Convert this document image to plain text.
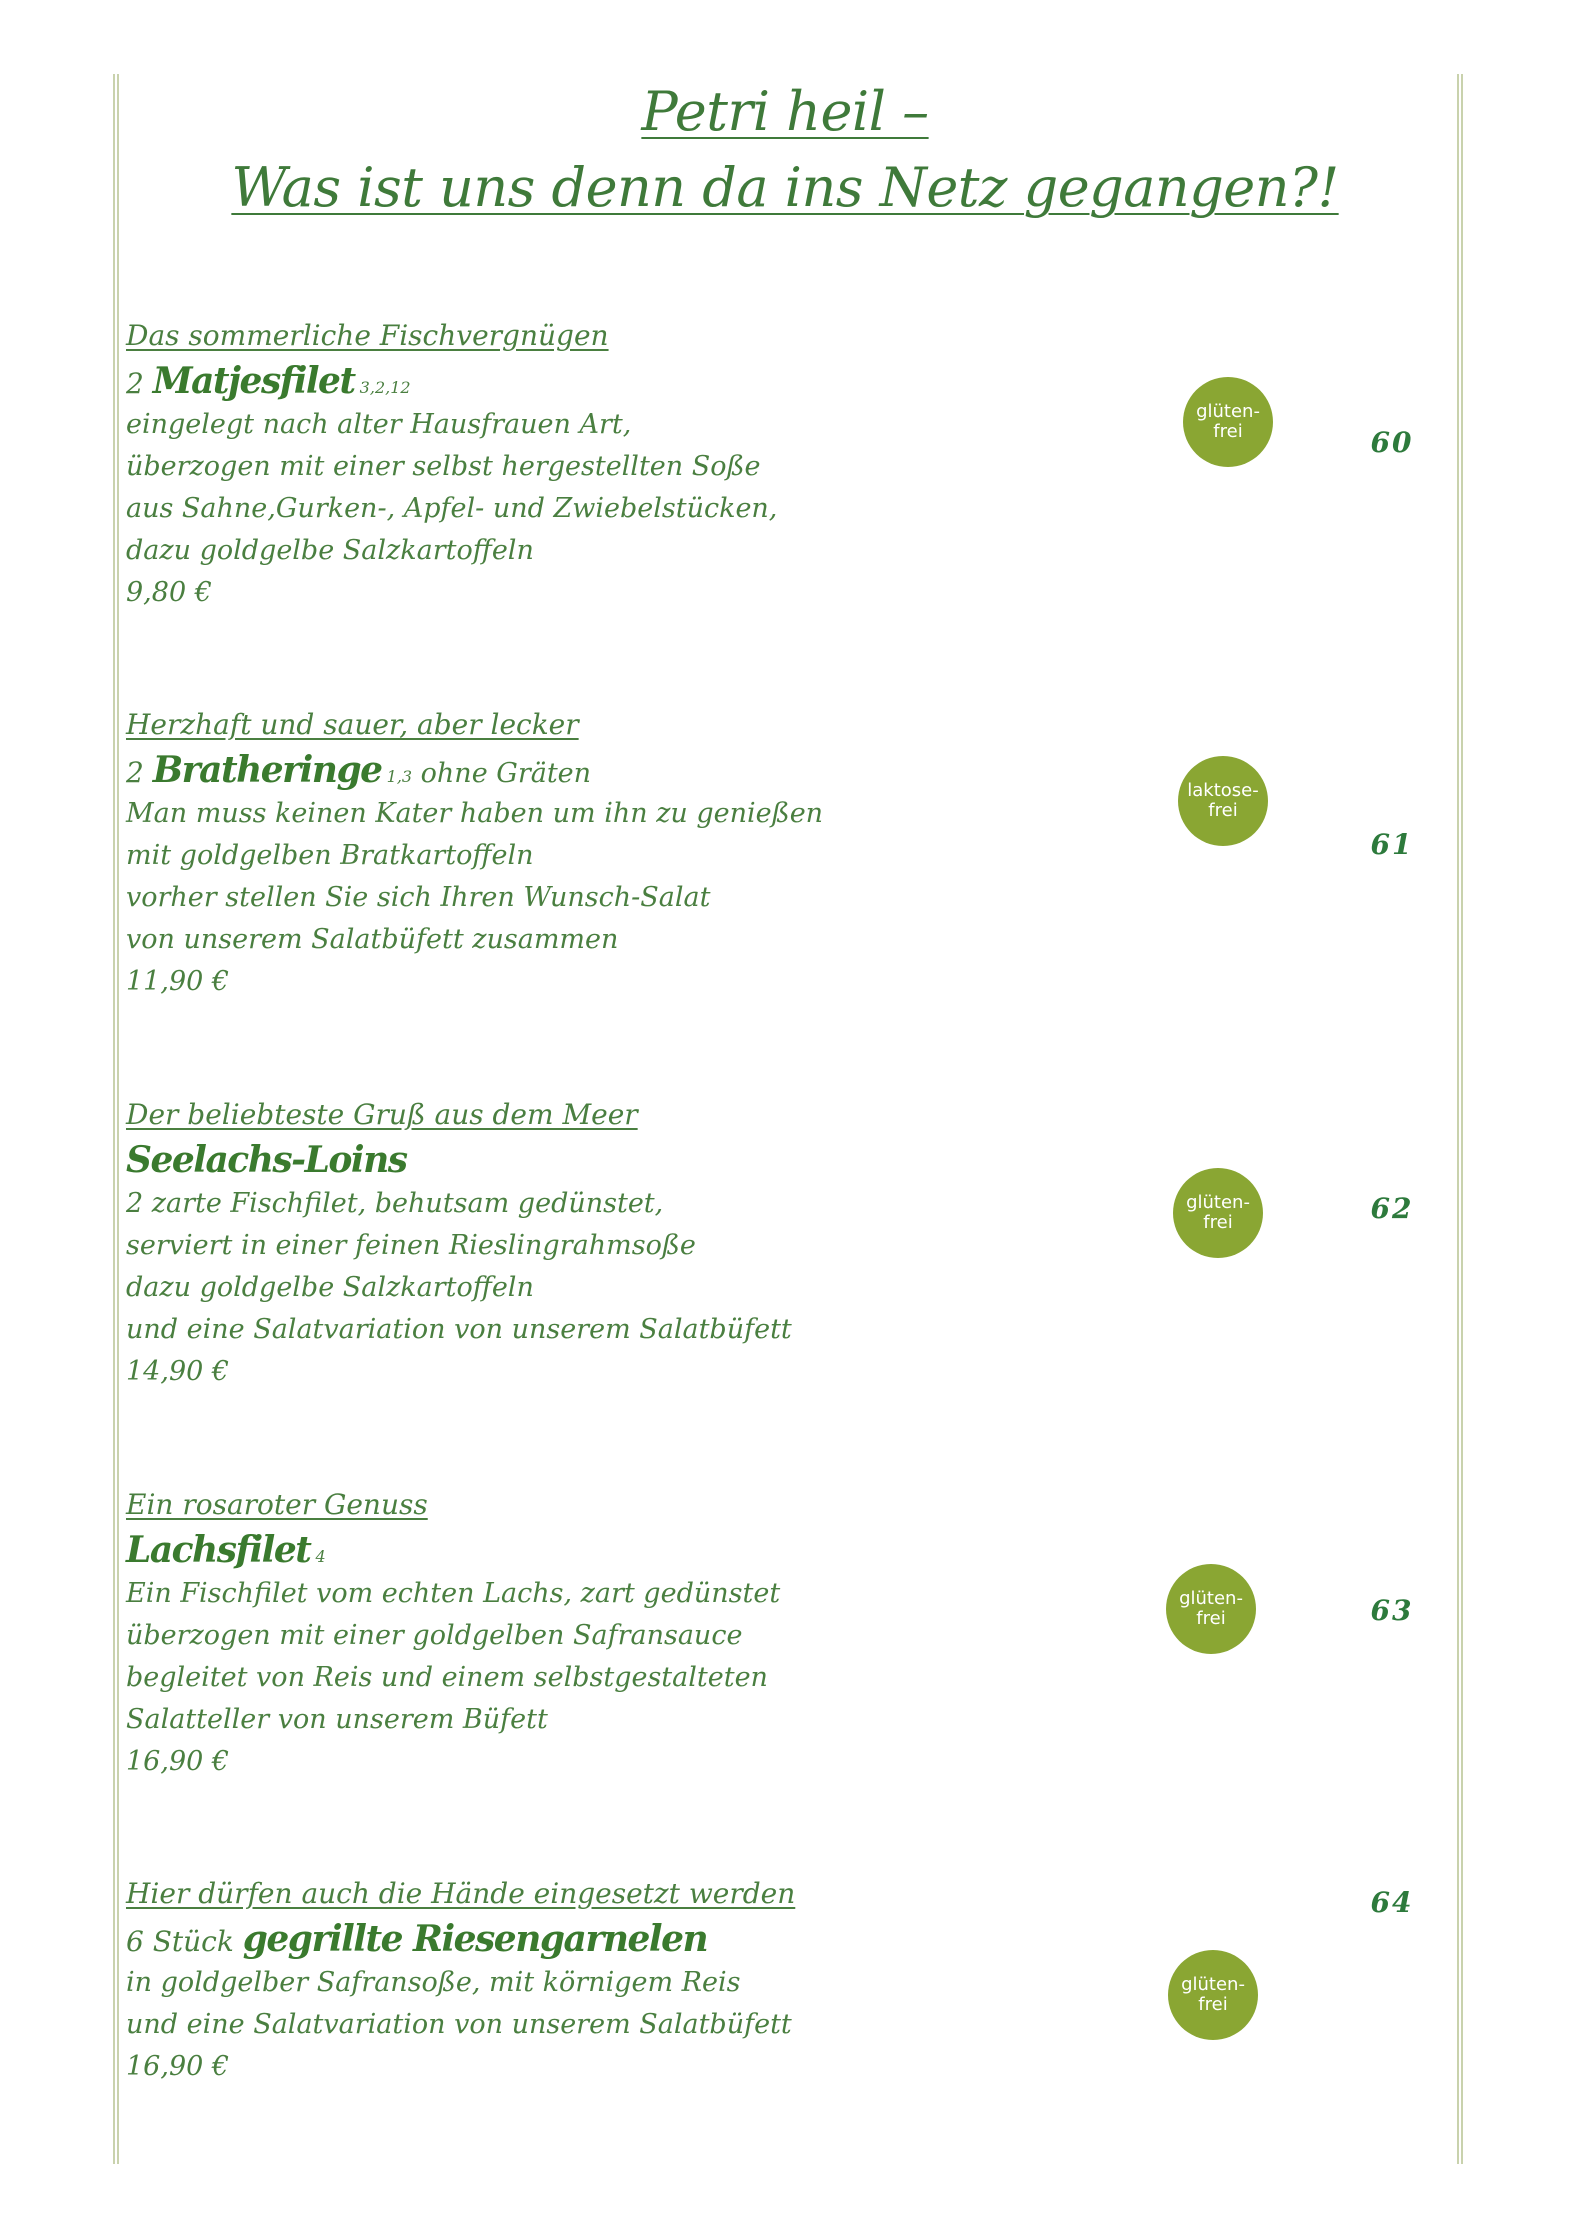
Petri heil –
Was ist uns denn da ins Netz gegangen?!
Das sommerliche Fischvergnügen
2 Matjesfilet 3,2,12
eingelegt nach alter Hausfrauen Art,
überzogen mit einer selbst hergestellten Soße
aus Sahne,Gurken-, Apfel- und Zwiebelstücken,
dazu goldgelbe Salzkartoffeln
9,80 €
glüten-
frei	60
Herzhaft und sauer, aber lecker
2 Bratheringe 1,3 ohne Gräten
Man muss keinen Kater haben um ihn zu genießen
mit goldgelben Bratkartoffeln
vorher stellen Sie sich Ihren Wunsch-Salat
von unserem Salatbüfett zusammen
11,90 €
laktose-
frei
61
Der beliebteste Gruß aus dem Meer
Seelachs-Loins
2 zarte Fischfilet, behutsam gedünstet,
serviert in einer feinen Rieslingrahmsoße
dazu goldgelbe Salzkartoffeln
und eine Salatvariation von unserem Salatbüfett
14,90 €
glüten-
frei	62
Ein rosaroter Genuss
Lachsfilet 4
Ein Fischfilet vom echten Lachs, zart gedünstet
überzogen mit einer goldgelben Safransauce
begleitet von Reis und einem selbstgestalteten
Salatteller von unserem Büfett
16,90 €
glüten-
frei	63
Hier dürfen auch die Hände eingesetzt werden
6 Stück gegrillte Riesengarnelen
in goldgelber Safransoße, mit körnigem Reis
und eine Salatvariation von unserem Salatbüfett
16,90 €
glüten-
frei
64
